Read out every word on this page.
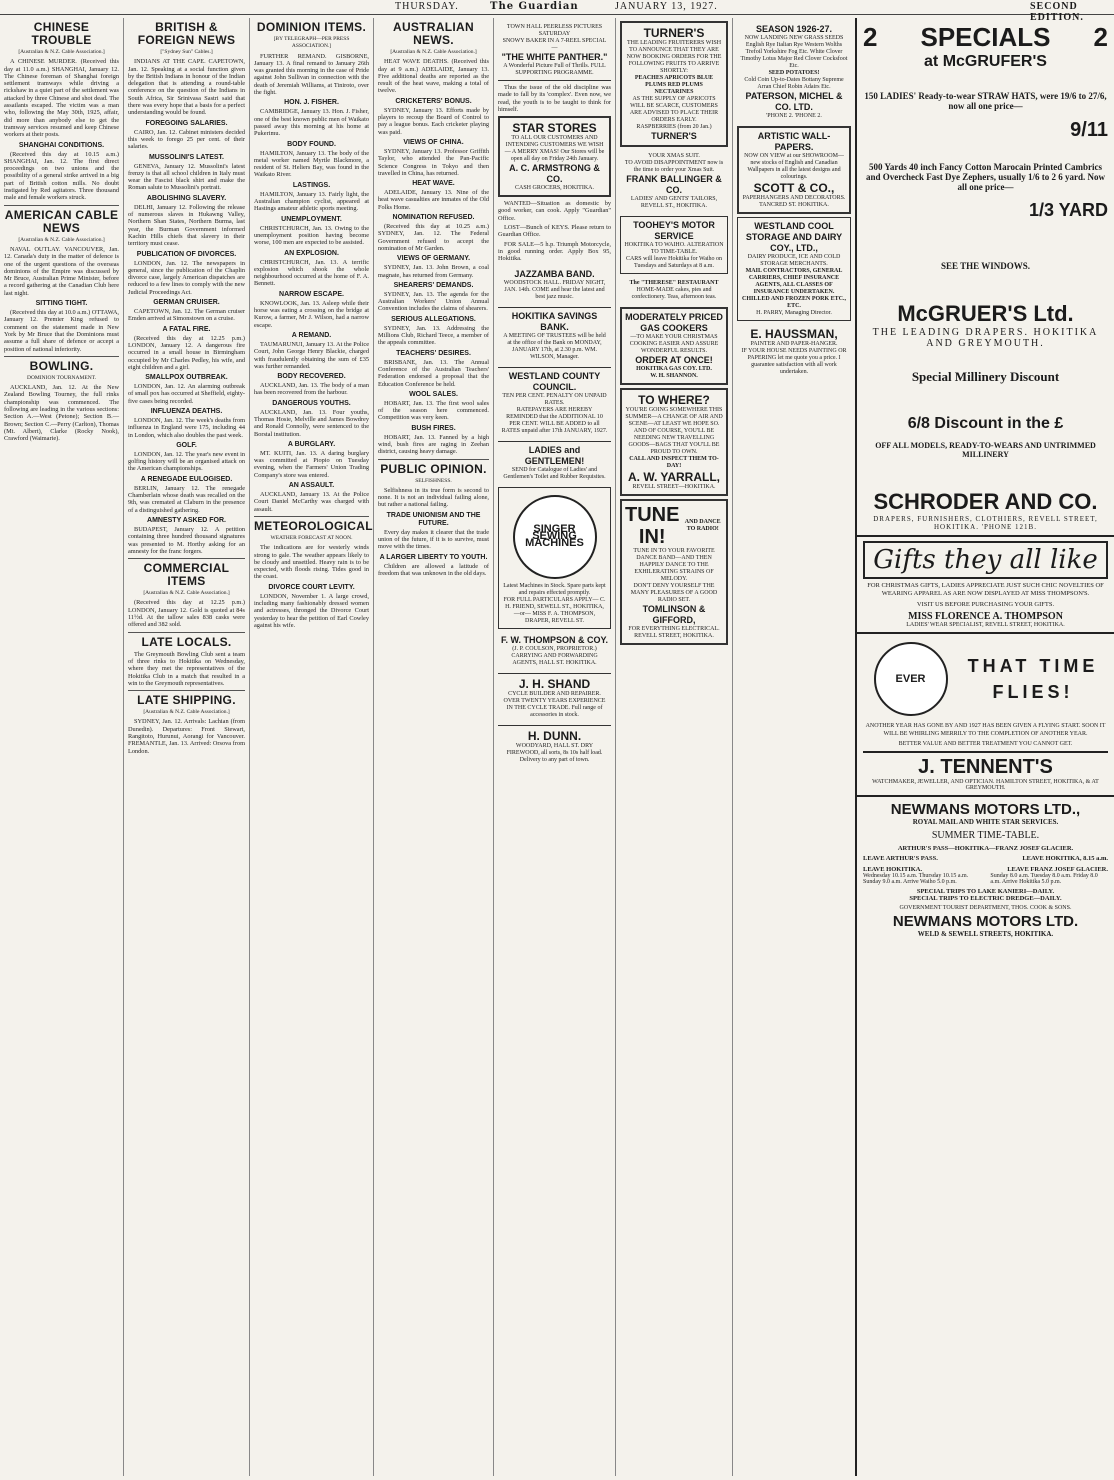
THURSDAY.	The Guardian	JANUARY 13, 1927.	SECOND EDITION.
CHINESE TROUBLE
[Australian & N.Z. Cable Association.]

A CHINESE MURDER. (Received this day at 11.0 a.m.) SHANGHAI, January 12. The Chinese foreman of Shanghai foreign settlement tramways while driving a rickshaw in a quiet part of the settlement was attacked by three Chinese and shot dead. The assailants escaped. The victim was a man who, following the May 30th, 1925, affair, did more than anybody else to get the tramway services resumed and keep Chinese workers at their posts.

SHANGHAI CONDITIONS.

(Received this day at 10.15 a.m.) SHANGHAI, Jan. 12. The first direct proceedings on two unions and the possibility of a general strike arrived in a big part of British cotton mills. No doubt instigated by Red agitators. Three thousand male and female workers struck.

AMERICAN CABLE NEWS
[Australian & N.Z. Cable Association.]

NAVAL OUTLAY. VANCOUVER, Jan. 12. Canada's duty in the matter of defence is one of the urgent questions of the overseas dominions of the Empire was discussed by Mr Bruce, Australian Prime Minister, before a record gathering at the Canadian Club here last night.

SITTING TIGHT.

(Received this day at 10.0 a.m.) OTTAWA, January 12. Premier King refused to comment on the statement made in New York by Mr Bruce that the Dominions must assume a full share of defence or accept a position of national inferiority.

BOWLING.
DOMINION TOURNAMENT.

AUCKLAND, Jan. 12. At the New Zealand Bowling Tourney, the full rinks championship was commenced. The following are leading in the various sections: Section A.—West (Petone); Section B.—Brown; Section C.—Perry (Carlton), Thomas (Mt. Albert), Clarke (Rocky Nook), Crawford (Waimarie).

BRITISH & FOREIGN NEWS
["Sydney Sun" Cables.]

INDIANS AT THE CAPE. CAPETOWN, Jan. 12. Speaking at a social function given by the British Indians in honour of the Indian delegation that is attending a round-table conference on the question of the Indians in South Africa, Sir Srinivasa Sastri said that there was every hope that a basis for a perfect understanding would be found.

FOREGOING SALARIES.

CAIRO, Jan. 12. Cabinet ministers decided this week to forego 25 per cent. of their salaries.

MUSSOLINI'S LATEST.

GENEVA, January 12. Mussolini's latest frenzy is that all school children in Italy must wear the Fascist black shirt and make the Roman salute to Mussolini's portrait.

ABOLISHING SLAVERY.

DELHI, January 12. Following the release of numerous slaves in Hukawng Valley, Northern Shan States, Northern Burma, last year, the Burman Government informed Kachin Hills chiefs that slavery in their territory must cease.

PUBLICATION OF DIVORCES.

LONDON, Jan. 12. The newspapers in general, since the publication of the Chaplin divorce case, largely American dispatches are reduced to a few lines to comply with the new Judicial Proceedings Act.

GERMAN CRUISER.

CAPETOWN, Jan. 12. The German cruiser Emden arrived at Simonstown on a cruise.

A FATAL FIRE.

(Received this day at 12.25 p.m.) LONDON, January 12. A dangerous fire occurred in a small house in Birmingham occupied by Mr Charles Pedley, his wife, and eight children and a girl.

SMALLPOX OUTBREAK.

LONDON, Jan. 12. An alarming outbreak of small pox has occurred at Sheffield, eighty-five cases being recorded.

INFLUENZA DEATHS.

LONDON, Jan. 12. The week's deaths from influenza in England were 175, including 44 in London, which also doubles the past week.

GOLF.

LONDON, Jan. 12. The year's new event in golfing history will be an organised attack on the American championships.

A RENEGADE EULOGISED.

BERLIN, January 12. The renegade Chamberlain whose death was recalled on the 9th, was cremated at Claburn in the presence of a distinguished gathering.

AMNESTY ASKED FOR.

BUDAPEST, January 12. A petition containing three hundred thousand signatures was presented to M. Horthy asking for an amnesty for the franc forgers.

COMMERCIAL ITEMS
[Australian & N.Z. Cable Association.]

(Received this day at 12.25 p.m.) LONDON, January 12. Gold is quoted at 84s 11½d. At the tallow sales 838 casks were offered and 382 sold.

LATE LOCALS.

The Greymouth Bowling Club sent a team of three rinks to Hokitika on Wednesday, where they met the representatives of the Hokitika Club in a match that resulted in a win to the Greymouth representatives.

LATE SHIPPING.
[Australian & N.Z. Cable Association.]

SYDNEY, Jan. 12. Arrivals: Lachian (from Dunedin). Departures: Front Stewart, Rangitoto, Hurunui, Aorangi for Vancouver. FREMANTLE, Jan. 13. Arrived: Orsova from London.

DOMINION ITEMS.
[BY TELEGRAPH—PER PRESS ASSOCIATION.]

FURTHER REMAND. GISBORNE, January 13. A final remand to January 26th was granted this morning in the case of Pride against John Sullivan in connection with the death of Jeremiah Williams, at Tiniroto, over the fight.

HON. J. FISHER.

CAMBRIDGE, January 13. Hon. J. Fisher, one of the best known public men of Waikato passed away this morning at his home at Pukerimu.

BODY FOUND.

HAMILTON, January 13. The body of the metal worker named Myrtle Blackmore, a resident of St. Heliers Bay, was found in the Waikato River.

LASTINGS.

HAMILTON, January 13. Fairly light, the Australian champion cyclist, appeared at Hastings amateur athletic sports meeting.

UNEMPLOYMENT.

CHRISTCHURCH, Jan. 13. Owing to the unemployment position having become worse, 100 men are expected to be assisted.

AN EXPLOSION.

CHRISTCHURCH, Jan. 13. A terrific explosion which shook the whole neighbourhood occurred at the home of F. A. Bennett.

NARROW ESCAPE.

KNOWLOOK, Jan. 13. Asleep while their horse was eating a crossing on the bridge at Kurow, a farmer, Mr J. Wilson, had a narrow escape.

A REMAND.

TAUMARUNUI, January 13. At the Police Court, John George Henry Blackie, charged with fraudulently obtaining the sum of £35 was further remanded.

BODY RECOVERED.

AUCKLAND, Jan. 13. The body of a man has been recovered from the harbour.

DANGEROUS YOUTHS.

AUCKLAND, Jan. 13. Four youths, Thomas Hosie, Melville and James Bowdrey and Ronald Connolly, were sentenced to the Borstal institution.

A BURGLARY.

MT. KUITI, Jan. 13. A daring burglary was committed at Piopio on Tuesday evening, when the Farmers' Union Trading Company's store was entered.

AN ASSAULT.

AUCKLAND, January 13. At the Police Court Daniel McCarthy was charged with assault.

METEOROLOGICAL
WEATHER FORECAST AT NOON.

The indications are for westerly winds strong to gale. The weather appears likely to be cloudy and unsettled. Heavy rain is to be expected, with floods rising. Tides good in the coast.

DIVORCE COURT LEVITY.

LONDON, November 1. A large crowd, including many fashionably dressed women and actresses, thronged the Divorce Court yesterday to hear the petition of Earl Cowley against his wife.

AUSTRALIAN NEWS.
[Australian & N.Z. Cable Association.]

HEAT WAVE DEATHS. (Received this day at 9 a.m.) ADELAIDE, January 13. Five additional deaths are reported as the result of the heat wave, making a total of twelve.

CRICKETERS' BONUS.

SYDNEY, January 13. Efforts made by players to recoup the Board of Control to pay a league bonus. Each cricketer playing was paid.

VIEWS OF CHINA.

SYDNEY, January 13. Professor Griffith Taylor, who attended the Pan-Pacific Science Congress in Tokyo and then travelled in China, has returned.

HEAT WAVE.

ADELAIDE, January 13. Nine of the heat wave casualties are inmates of the Old Folks Home.

NOMINATION REFUSED.

(Received this day at 10.25 a.m.) SYDNEY, Jan. 12. The Federal Government refused to accept the nomination of Mr Garden.

VIEWS OF GERMANY.

SYDNEY, Jan. 13. John Brown, a coal magnate, has returned from Germany.

SHEARERS' DEMANDS.

SYDNEY, Jan. 13. The agenda for the Australian Workers' Union Annual Convention includes the claims of shearers.

SERIOUS ALLEGATIONS.

SYDNEY, Jan. 13. Addressing the Millions Club, Richard Teece, a member of the appeals committee.

TEACHERS' DESIRES.

BRISBANE, Jan. 13. The Annual Conference of the Australian Teachers' Federation endorsed a proposal that the Education Conference be held.

WOOL SALES.

HOBART, Jan. 13. The first wool sales of the season here commenced. Competition was very keen.

BUSH FIRES.

HOBART, Jan. 13. Fanned by a high wind, bush fires are raging in Zeehan district, causing heavy damage.

PUBLIC OPINION.
SELFISHNESS.

Selfishness in its true form is second to none. It is not an individual failing alone, but rather a national failing.

TRADE UNIONISM AND THE FUTURE.

Every day makes it clearer that the trade union of the future, if it is to survive, must move with the times.

A LARGER LIBERTY TO YOUTH.

Children are allowed a latitude of freedom that was unknown in the old days.

TOWN HALL PEERLESS PICTURES SATURDAY
SNOWY BAKER IN A 7-REEL SPECIAL—
"THE WHITE PANTHER."
A Wonderful Picture Full of Thrills. FULL SUPPORTING PROGRAMME.

Thus the issue of the old discipline was made to fall by its 'complex'. Even now, we read, the youth is to be taught to think for himself.

STAR STORES
TO ALL OUR CUSTOMERS AND INTENDING CUSTOMERS WE WISH— A MERRY XMAS! Our Stores will be open all day on Friday 24th January.
A. C. ARMSTRONG & CO.
CASH GROCERS, HOKITIKA.

WANTED—Situation as domestic by good worker, can cook. Apply "Guardian" Office.

LOST—Bunch of KEYS. Please return to Guardian Office.

FOR SALE—5 h.p. Triumph Motorcycle, in good running order. Apply Box 95, Hokitika.

JAZZAMBA BAND.
WOODSTOCK HALL. FRIDAY NIGHT, JAN. 14th. COME and hear the latest and best jazz music.
HOKITIKA SAVINGS BANK.
A MEETING OF TRUSTEES will be held at the office of the Bank on MONDAY, JANUARY 17th, at 2.30 p.m. WM. WILSON, Manager.
WESTLAND COUNTY COUNCIL.
TEN PER CENT. PENALTY ON UNPAID RATES.
RATEPAYERS ARE HEREBY REMINDED that the ADDITIONAL 10 PER CENT. WILL BE ADDED to all RATES unpaid after 17th JANUARY, 1927.
LADIES and GENTLEMEN!
SEND for Catalogue of Ladies' and Gentlemen's Toilet and Rubber Requisites.
SINGER SEWING MACHINES
Latest Machines in Stock. Spare parts kept and repairs effected promptly.
FOR FULL PARTICULARS APPLY— C. H. FRIEND, SEWELL ST., HOKITIKA, —or— MISS F. A. THOMPSON, DRAPER, REVELL ST.
F. W. THOMPSON & COY.
(J. P. COULSON, PROPRIETOR.)
CARRYING AND FORWARDING AGENTS, HALL ST. HOKITIKA.
J. H. SHAND
CYCLE BUILDER AND REPAIRER. OVER TWENTY YEARS EXPERIENCE IN THE CYCLE TRADE. Full range of accessories in stock.
H. DUNN.
WOODYARD, HALL ST. DRY FIREWOOD, all sorts, 8s 10s half load. Delivery to any part of town.
TURNER'S
THE LEADING FRUITERERS WISH TO ANNOUNCE THAT THEY ARE NOW BOOKING ORDERS FOR THE FOLLOWING FRUITS TO ARRIVE SHORTLY:
PEACHES APRICOTS BLUE PLUMS RED PLUMS NECTARINES
AS THE SUPPLY OF APRICOTS WILL BE SCARCE, CUSTOMERS ARE ADVISED TO PLACE THEIR ORDERS EARLY.
RASPBERRIES (from 20 Jan.)
TURNER'S
YOUR XMAS SUIT.
TO AVOID DISAPPOINTMENT now is the time to order your Xmas Suit.
FRANK BALLINGER & CO.
LADIES' AND GENTS' TAILORS, REVELL ST., HOKITIKA.
TOOHEY'S MOTOR SERVICE
HOKITIKA TO WAIHO. ALTERATION TO TIME-TABLE.
CARS will leave Hokitika for Waiho on Tuesdays and Saturdays at 8 a.m.
The "THERESE" RESTAURANT
HOME-MADE cakes, pies and confectionery. Teas, afternoon teas.
MODERATELY PRICED GAS COOKERS
—TO MAKE YOUR CHRISTMAS COOKING EASIER AND ASSURE WONDERFUL RESULTS.
ORDER AT ONCE!
HOKITIKA GAS COY. LTD.
W. H. SHANNON.
TO WHERE?
YOU'RE GOING SOMEWHERE THIS SUMMER—A CHANGE OF AIR AND SCENE—AT LEAST WE HOPE SO.
AND OF COURSE, YOU'LL BE NEEDING NEW TRAVELLING GOODS—BAGS THAT YOU'LL BE PROUD TO OWN.
CALL AND INSPECT THEM TO-DAY!
A. W. YARRALL,
REVELL STREET—HOKITIKA.
TUNE IN!
AND DANCE TO RADIO!
TUNE IN TO YOUR FAVORITE DANCE BAND—AND THEN HAPPILY DANCE TO THE EXHILERATING STRAINS OF MELODY.
DON'T DENY YOURSELF THE MANY PLEASURES OF A GOOD RADIO SET.
TOMLINSON & GIFFORD,
FOR EVERYTHING ELECTRICAL. REVELL STREET, HOKITIKA.
SEASON 1926-27.
NOW LANDING NEW GRASS SEEDS
English Rye Italian Rye Western Wolths Trefoil Yorkshire Fog Etc. White Clover Timothy Lotus Major Red Clover Cocksfoot Etc.
SEED POTATOES!
Cold Coin Up-to-Dates Bottany Supreme Arran Chief Robin Adairs Etc.
PATERSON, MICHEL & CO. LTD.
'PHONE 2. 'PHONE 2.
ARTISTIC WALL-PAPERS.
NOW ON VIEW at our SHOWROOM—new stocks of English and Canadian Wallpapers in all the latest designs and colourings.
SCOTT & CO.,
PAPERHANGERS AND DECORATORS. TANCRED ST. HOKITIKA.
WESTLAND COOL STORAGE AND DAIRY COY., LTD.,
DAIRY PRODUCE, ICE AND COLD STORAGE MERCHANTS.
MAIL CONTRACTORS, GENERAL CARRIERS, CHIEF INSURANCE AGENTS, ALL CLASSES OF INSURANCE UNDERTAKEN. CHILLED AND FROZEN PORK ETC., ETC.
H. PARRY, Managing Director.
E. HAUSSMAN,
PAINTER AND PAPER-HANGER.
IF YOUR HOUSE NEEDS PAINTING OR PAPERING let me quote you a price. I guarantee satisfaction with all work undertaken.
2 SPECIALS 2
at McGRUFER'S
150 LADIES' Ready-to-wear STRAW HATS, were 19/6 to 27/6, now all one price—
9/11
500 Yards 40 inch Fancy Cotton Marocain Printed Cambrics and Overcheck Fast Dye Zephers, usually 1/6 to 2 6 yard. Now all one price—
1/3 YARD
SEE THE WINDOWS.
McGRUER'S Ltd.
THE LEADING DRAPERS. HOKITIKA AND GREYMOUTH.
Special Millinery Discount
6/8 Discount in the £
OFF ALL MODELS, READY-TO-WEARS AND UNTRIMMED MILLINERY
SCHRODER AND CO.
DRAPERS, FURNISHERS, CLOTHIERS, REVELL STREET, HOKITIKA. 'PHONE 121B.
Gifts they all like
FOR CHRISTMAS GIFTS, LADIES APPRECIATE JUST SUCH CHIC NOVELTIES OF WEARING APPAREL AS ARE NOW DISPLAYED AT MISS THOMPSON'S.
VISIT US BEFORE PURCHASING YOUR GIFTS.
MISS FLORENCE A. THOMPSON
LADIES' WEAR SPECIALIST, REVELL STREET, HOKITIKA.
EVER
THAT TIME FLIES!
ANOTHER YEAR HAS GONE BY AND 1927 HAS BEEN GIVEN A FLYING START. SOON IT WILL BE WHIRLING MERRILY TO THE COMPLETION OF ANOTHER YEAR.
BETTER VALUE AND BETTER TREATMENT YOU CANNOT GET.
J. TENNENT'S
WATCHMAKER, JEWELLER, AND OPTICIAN. HAMILTON STREET, HOKITIKA, & AT GREYMOUTH.
NEWMANS MOTORS LTD.,
ROYAL MAIL AND WHITE STAR SERVICES.
SUMMER TIME-TABLE.
ARTHUR'S PASS—HOKITIKA—FRANZ JOSEF GLACIER.
LEAVE ARTHUR'S PASS.	LEAVE HOKITIKA, 8.15 a.m.
LEAVE HOKITIKA.	LEAVE FRANZ JOSEF GLACIER.
Wednesday 10.15 a.m. Thursday 10.15 a.m. Sunday 9.0 a.m. Arrive Waiho 5.0 p.m.
Sunday 8.0 a.m. Tuesday 8.0 a.m. Friday 8.0 a.m. Arrive Hokitika 5.0 p.m.
SPECIAL TRIPS TO LAKE KANIERI—DAILY.
SPECIAL TRIPS TO ELECTRIC DREDGE—DAILY.
GOVERNMENT TOURIST DEPARTMENT, THOS. COOK & SONS.
NEWMANS MOTORS LTD.
WELD & SEWELL STREETS, HOKITIKA.
